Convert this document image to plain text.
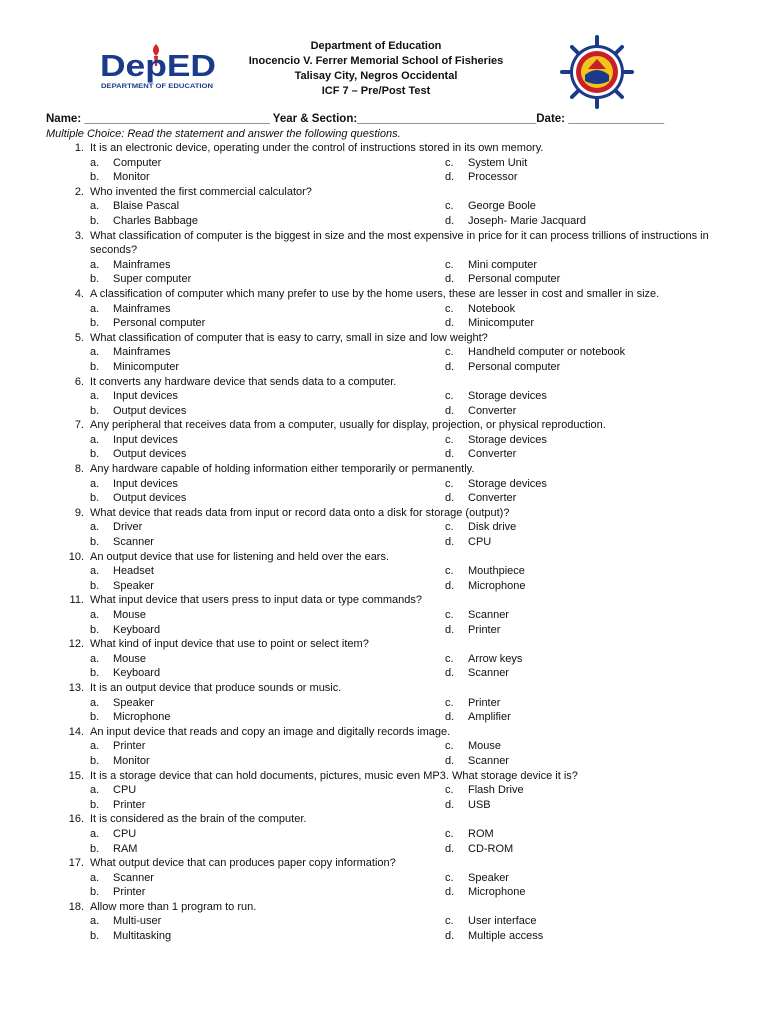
DepED
DEPARTMENT OF EDUCATION
Department of Education
Inocencio V. Ferrer Memorial School of Fisheries
Talisay City, Negros Occidental
ICF 7 – Pre/Post Test
Name: _____________________________ Year & Section:____________________________Date: _______________
Multiple Choice: Read the statement and answer the following questions.
1. It is an electronic device, operating under the control of instructions stored in its own memory.
a. Computer	c. System Unit
b. Monitor	d. Processor
2. Who invented the first commercial calculator?
a. Blaise Pascal	c. George Boole
b. Charles Babbage	d. Joseph- Marie Jacquard
3. What classification of computer is the biggest in size and the most expensive in price for it can process trillions of instructions in seconds?
a. Mainframes	c. Mini computer
b. Super computer	d. Personal computer
4. A classification of computer which many prefer to use by the home users, these are lesser in cost and smaller in size.
a. Mainframes	c. Notebook
b. Personal computer	d. Minicomputer
5. What classification of computer that is easy to carry, small in size and low weight?
a. Mainframes	c. Handheld computer or notebook
b. Minicomputer	d. Personal computer
6. It converts any hardware device that sends data to a computer.
a. Input devices	c. Storage devices
b. Output devices	d. Converter
7. Any peripheral that receives data from a computer, usually for display, projection, or physical reproduction.
a. Input devices	c. Storage devices
b. Output devices	d. Converter
8. Any hardware capable of holding information either temporarily or permanently.
a. Input devices	c. Storage devices
b. Output devices	d. Converter
9. What device that reads data from input or record data onto a disk for storage (output)?
a. Driver	c. Disk drive
b. Scanner	d. CPU
10. An output device that use for listening and held over the ears.
a. Headset	c. Mouthpiece
b. Speaker	d. Microphone
11. What input device that users press to input data or type commands?
a. Mouse	c. Scanner
b. Keyboard	d. Printer
12. What kind of input device that use to point or select item?
a. Mouse	c. Arrow keys
b. Keyboard	d. Scanner
13. It is an output device that produce sounds or music.
a. Speaker	c. Printer
b. Microphone	d. Amplifier
14. An input device that reads and copy an image and digitally records image.
a. Printer	c. Mouse
b. Monitor	d. Scanner
15. It is a storage device that can hold documents, pictures, music even MP3. What storage device it is?
a. CPU	c. Flash Drive
b. Printer	d. USB
16. It is considered as the brain of the computer.
a. CPU	c. ROM
b. RAM	d. CD-ROM
17. What output device that can produces paper copy information?
a. Scanner	c. Speaker
b. Printer	d. Microphone
18. Allow more than 1 program to run.
a. Multi-user	c. User interface
b. Multitasking	d. Multiple access
